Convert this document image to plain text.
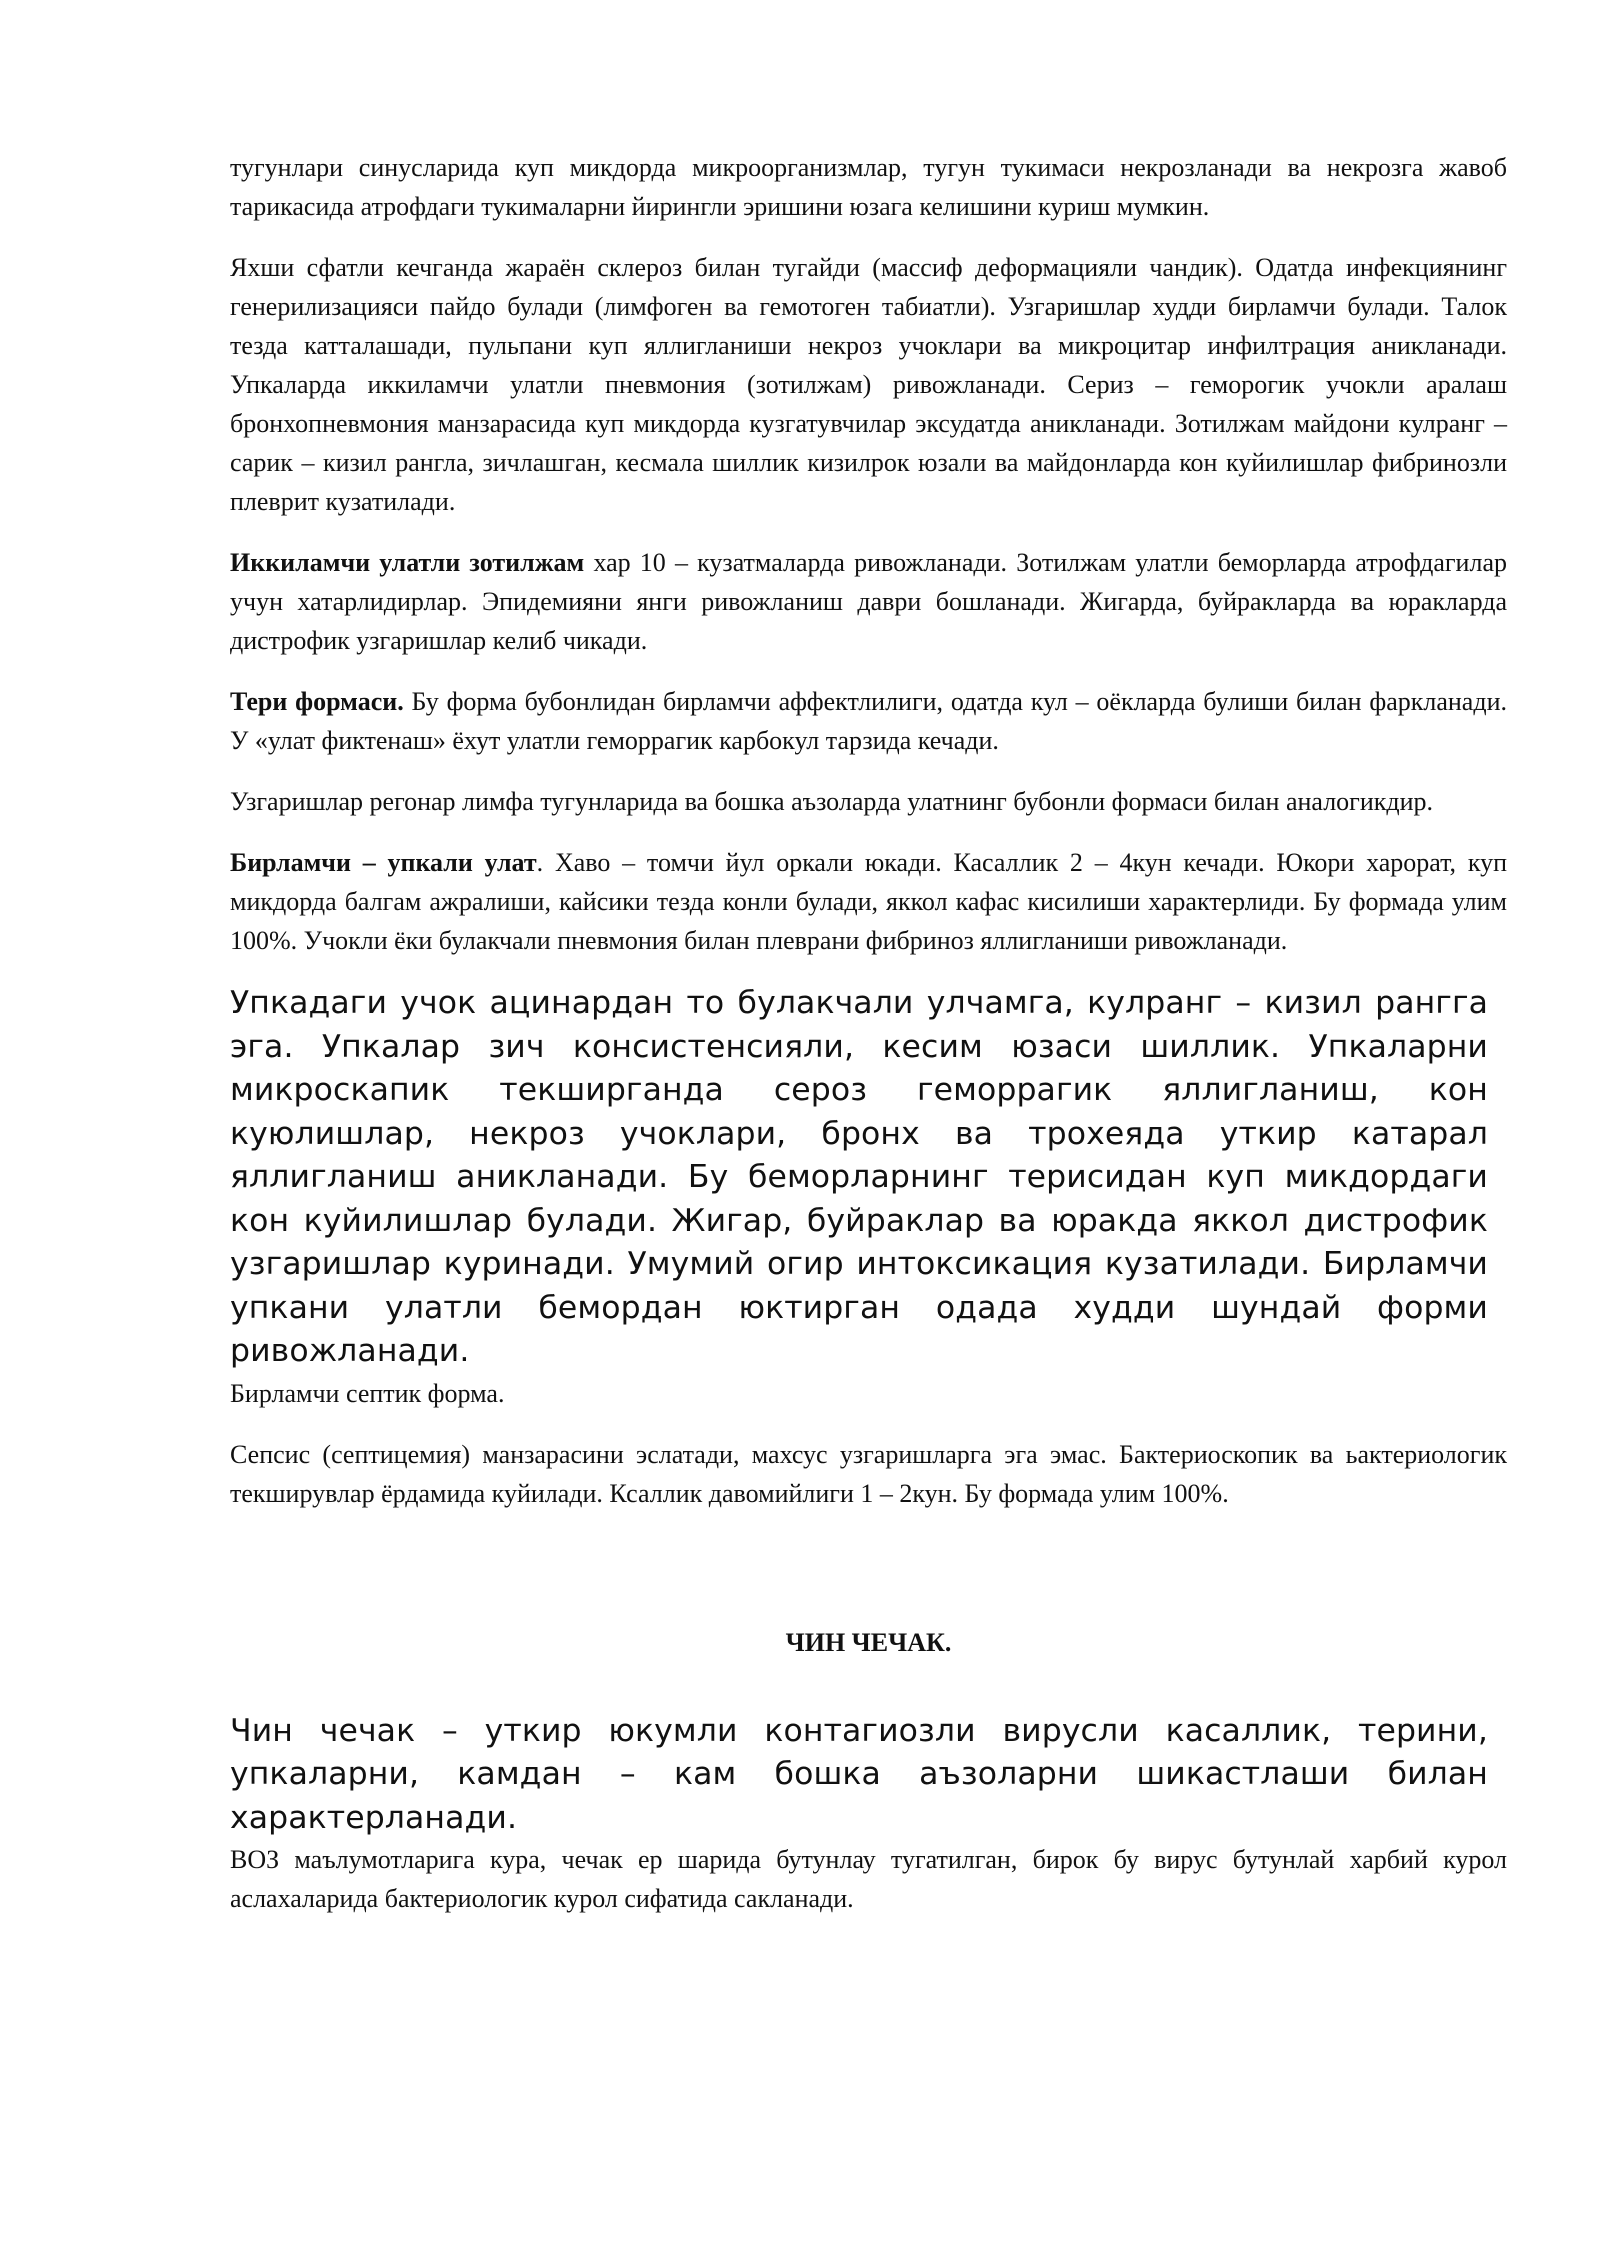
тугунлари синусларида куп микдорда микроорганизмлар, тугун тукимаси некрозланади ва некрозга жавоб тарикасида атрофдаги тукималарни йирингли эришини юзага келишини куриш мумкин.

Яхши сфатли кечганда жараён склероз билан тугайди (массиф деформацияли чандик). Одатда инфекциянинг генерилизацияси пайдо булади (лимфоген ва гемотоген табиатли). Узгаришлар худди бирламчи булади. Талок тезда катталашади, пульпани куп яллигланиши некроз учоклари ва микроцитар инфилтрация аникланади. Упкаларда иккиламчи улатли пневмония (зотилжам) ривожланади. Сериз – геморогик учокли аралаш бронхопневмония манзарасида куп микдорда кузгатувчилар эксудатда аникланади. Зотилжам майдони кулранг – сарик – кизил рангла, зичлашган, кесмала шиллик кизилрок юзали ва майдонларда кон куйилишлар фибринозли плеврит кузатилади.

Иккиламчи улатли зотилжам хар 10 – кузатмаларда ривожланади. Зотилжам улатли беморларда атрофдагилар учун хатарлидирлар. Эпидемияни янги ривожланиш даври бошланади. Жигарда, буйракларда ва юракларда дистрофик узгаришлар келиб чикади.

Тери формаси. Бу форма бубонлидан бирламчи аффектлилиги, одатда кул – оёкларда булиши билан фаркланади. У «улат фиктенаш» ёхут улатли геморрагик карбокул тарзида кечади.

Узгаришлар регонар лимфа тугунларида ва бошка аъзоларда улатнинг бубонли формаси билан аналогикдир.

Бирламчи – упкали улат. Хаво – томчи йул оркали юкади. Касаллик 2 – 4кун кечади. Юкори харорат, куп микдорда балгам ажралиши, кайсики тезда конли булади, яккол кафас кисилиши характерлиди. Бу формада улим 100%. Учокли ёки булакчали пневмония билан плеврани фибриноз яллигланиши ривожланади.

Упкадаги учок ацинардан то булакчали улчамга, кулранг – кизил рангга эга. Упкалар зич консистенсияли, кесим юзаси шиллик. Упкаларни микроскапик текширганда сероз геморрагик яллигланиш, кон куюлишлар, некроз учоклари, бронх ва трохеяда уткир катарал яллигланиш аникланади. Бу беморларнинг терисидан куп микдордаги кон куйилишлар булади. Жигар, буйраклар ва юракда яккол дистрофик узгаришлар куринади. Умумий огир интоксикация кузатилади. Бирламчи упкани улатли бемордан юктирган одада худди шундай форми ривожланади.

Бирламчи септик форма.

Сепсис (септицемия) манзарасини эслатади, махсус узгаришларга эга эмас. Бактериоскопик ва ьактериологик текширувлар ёрдамида куйилади. Ксаллик давомийлиги 1 – 2кун. Бу формада улим 100%.

ЧИН ЧЕЧАК.

Чин чечак – уткир юкумли контагиозли вирусли касаллик, терини, упкаларни, камдан – кам бошка аъзоларни шикастлаши билан характерланади.

ВОЗ маълумотларига кура, чечак ер шарида бутунлау тугатилган, бирок бу вирус бутунлай харбий курол аслахаларида бактериологик курол сифатида сакланади.
